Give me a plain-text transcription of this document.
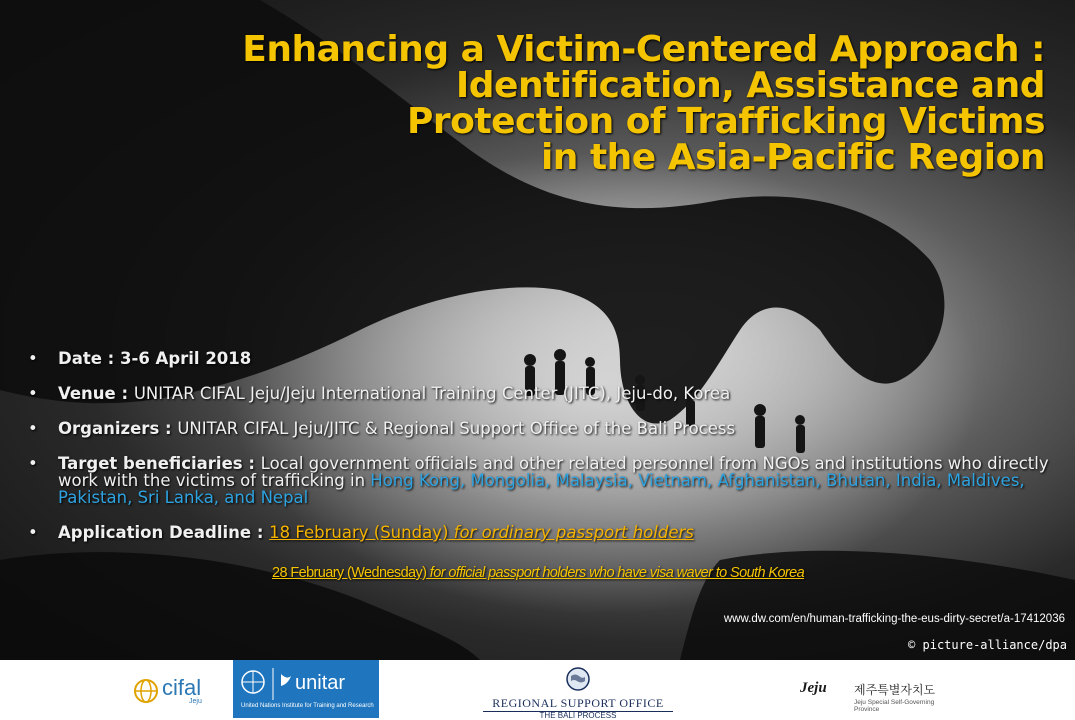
Enhancing a Victim-Centered Approach :
Identification, Assistance and
Protection of Trafficking Victims
in the Asia-Pacific Region
•	Date : 3-6 April 2018
•	Venue : UNITAR CIFAL Jeju/Jeju International Training Center (JITC), Jeju-do, Korea
•	Organizers : UNITAR CIFAL Jeju/JITC & Regional Support Office of the Bali Process
•	Target beneficiaries : Local government officials and other related personnel from NGOs and institutions who directly work with the victims of trafficking in Hong Kong, Mongolia, Malaysia, Vietnam, Afghanistan, Bhutan, India, Maldives, Pakistan, Sri Lanka, and Nepal
•	Application Deadline : 18 February (Sunday) for ordinary passport holders
28 February (Wednesday) for official passport holders who have visa waver to South Korea
www.dw.com/en/human-trafficking-the-eus-dirty-secret/a-17412036
© picture-alliance/dpa
cifal
Jeju
unitar
United Nations Institute for Training and Research	REGIONAL SUPPORT OFFICE
THE BALI PROCESS
Jeju 제주특별자치도
Jeju Special Self-Governing Province
